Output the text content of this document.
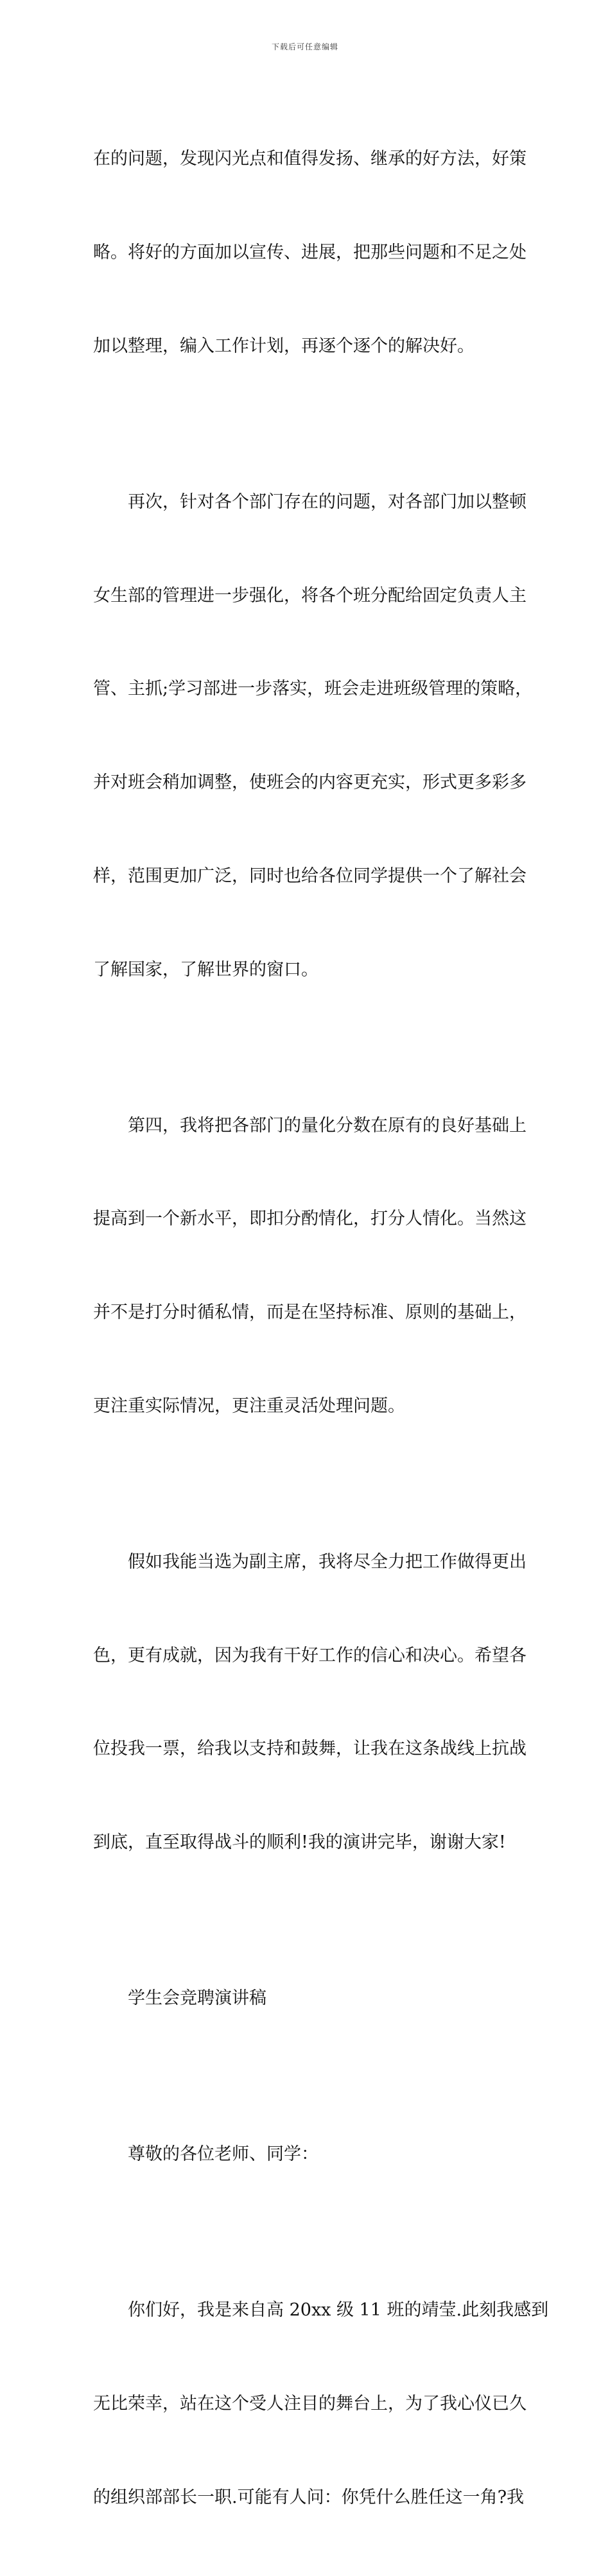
下载后可任意编辑

在的问题，发现闪光点和值得发扬、继承的好方法，好策

略。将好的方面加以宣传、进展，把那些问题和不足之处

加以整理，编入工作计划，再逐个逐个的解决好。

再次，针对各个部门存在的问题，对各部门加以整顿

女生部的管理进一步强化，将各个班分配给固定负责人主

管、主抓;学习部进一步落实，班会走进班级管理的策略，

并对班会稍加调整，使班会的内容更充实，形式更多彩多

样，范围更加广泛，同时也给各位同学提供一个了解社会

了解国家，了解世界的窗口。

第四，我将把各部门的量化分数在原有的良好基础上

提高到一个新水平，即扣分酌情化，打分人情化。当然这

并不是打分时循私情，而是在坚持标准、原则的基础上，

更注重实际情况，更注重灵活处理问题。

假如我能当选为副主席，我将尽全力把工作做得更出

色，更有成就，因为我有干好工作的信心和决心。希望各

位投我一票，给我以支持和鼓舞，让我在这条战线上抗战

到底，直至取得战斗的顺利!我的演讲完毕，谢谢大家!

学生会竞聘演讲稿

尊敬的各位老师、同学：

你们好，我是来自高 20xx 级 11 班的靖莹.此刻我感到

无比荣幸，站在这个受人注目的舞台上，为了我心仪已久

的组织部部长一职.可能有人问：你凭什么胜任这一角?我
